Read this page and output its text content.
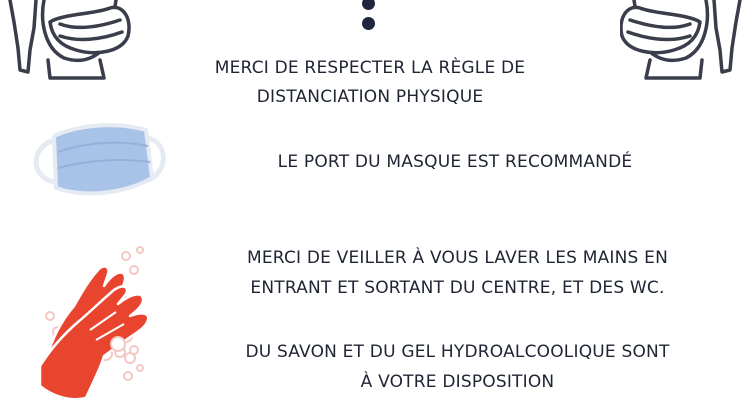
MERCI DE RESPECTER LA RÈGLE DE
DISTANCIATION PHYSIQUE
LE PORT DU MASQUE EST RECOMMANDÉ
MERCI DE VEILLER À VOUS LAVER LES MAINS EN
ENTRANT ET SORTANT DU CENTRE, ET DES WC.
DU SAVON ET DU GEL HYDROALCOOLIQUE SONT
À VOTRE DISPOSITION
